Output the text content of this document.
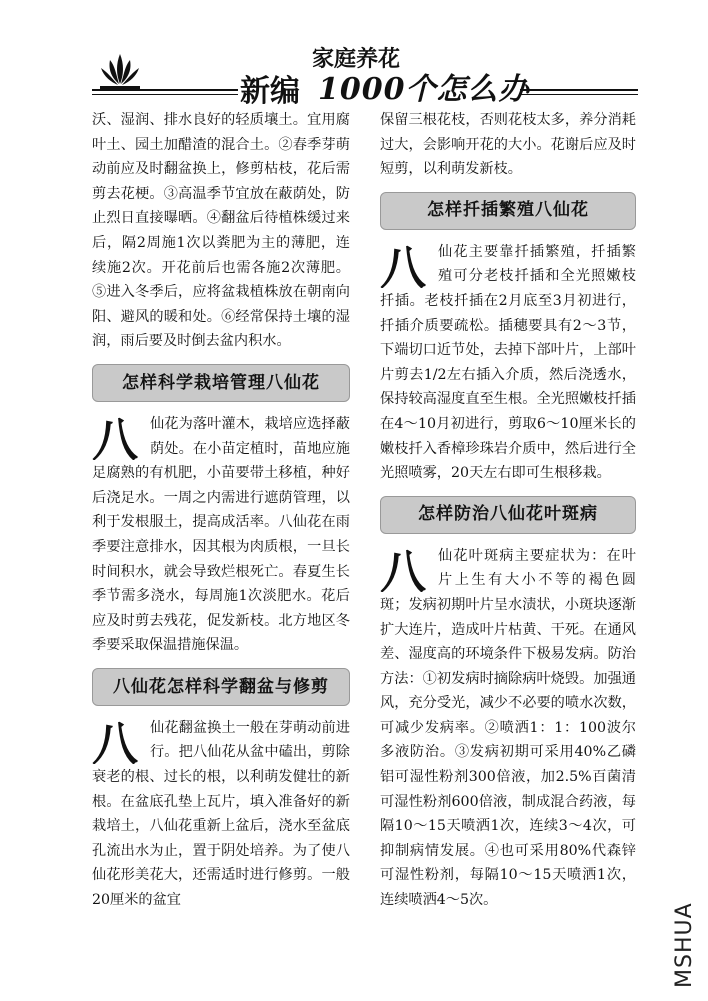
家庭养花
新编 1000个怎么办

沃、湿润、排水良好的轻质壤土。宜用腐叶土、园土加醋渣的混合土。②春季芽萌动前应及时翻盆换上，修剪枯枝，花后需剪去花梗。③高温季节宜放在蔽荫处，防止烈日直接曝晒。④翻盆后待植株缓过来后，隔2周施1次以粪肥为主的薄肥，连续施2次。开花前后也需各施2次薄肥。⑤进入冬季后，应将盆栽植株放在朝南向阳、避风的暖和处。⑥经常保持土壤的湿润，雨后要及时倒去盆内积水。

怎样科学栽培管理八仙花
八 仙花为落叶灌木，栽培应选择蔽荫处。在小苗定植时，苗地应施足腐熟的有机肥，小苗要带土移植，种好后浇足水。一周之内需进行遮荫管理，以利于发根服土，提高成活率。八仙花在雨季要注意排水，因其根为肉质根，一旦长时间积水，就会导致烂根死亡。春夏生长季节需多浇水，每周施1次淡肥水。花后应及时剪去残花，促发新枝。北方地区冬季要采取保温措施保温。
八仙花怎样科学翻盆与修剪
八 仙花翻盆换土一般在芽萌动前进行。把八仙花从盆中磕出，剪除衰老的根、过长的根，以利萌发健壮的新根。在盆底孔垫上瓦片，填入准备好的新栽培土，八仙花重新上盆后，浇水至盆底孔流出水为止，置于阴处培养。为了使八仙花形美花大，还需适时进行修剪。一般20厘米的盆宜

保留三根花枝，否则花枝太多，养分消耗过大，会影响开花的大小。花谢后应及时短剪，以利萌发新枝。

怎样扦插繁殖八仙花
八 仙花主要靠扦插繁殖，扦插繁殖可分老枝扦插和全光照嫩枝扦插。老枝扦插在2月底至3月初进行，扦插介质要疏松。插穗要具有2～3节，下端切口近节处，去掉下部叶片，上部叶片剪去1/2左右插入介质，然后浇透水，保持较高湿度直至生根。全光照嫩枝扦插在4～10月初进行，剪取6～10厘米长的嫩枝扦入香樟珍珠岩介质中，然后进行全光照喷雾，20天左右即可生根移栽。
怎样防治八仙花叶斑病
八 仙花叶斑病主要症状为：在叶片上生有大小不等的褐色圆斑；发病初期叶片呈水渍状，小斑块逐渐扩大连片，造成叶片枯黄、干死。在通风差、湿度高的环境条件下极易发病。防治方法：①初发病时摘除病叶烧毁。加强通风，充分受光，减少不必要的喷水次数，可减少发病率。②喷洒1：1：100波尔多液防治。③发病初期可采用40%乙磷铝可湿性粉剂300倍液，加2.5%百菌清可湿性粉剂600倍液，制成混合药液，每隔10～15天喷洒1次，连续3～4次，可抑制病情发展。④也可采用80%代森锌可湿性粉剂，每隔10～15天喷洒1次，连续喷洒4～5次。
MSHUA
